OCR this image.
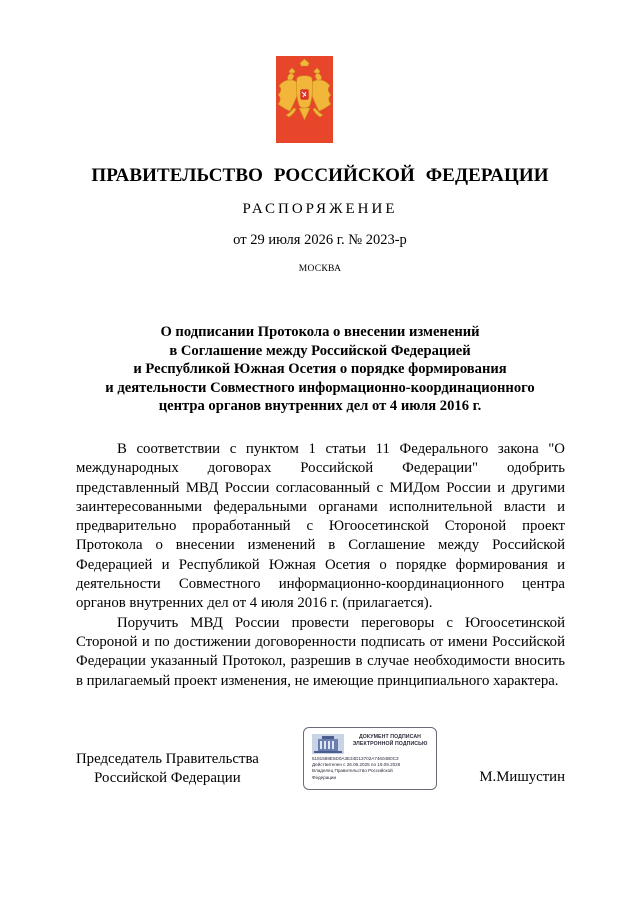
ПРАВИТЕЛЬСТВО РОССИЙСКОЙ ФЕДЕРАЦИИ
РАСПОРЯЖЕНИЕ
от 29 июля 2026 г. № 2023-р
МОСКВА
О подписании Протокола о внесении изменений
в Соглашение между Российской Федерацией
и Республикой Южная Осетия о порядке формирования
и деятельности Совместного информационно-координационного
центра органов внутренних дел от 4 июля 2016 г.

В соответствии с пунктом 1 статьи 11 Федерального закона "О международных договорах Российской Федерации" одобрить представленный МВД России согласованный с МИДом России и другими заинтересованными федеральными органами исполнительной власти и предварительно проработанный с Югоосетинской Стороной проект Протокола о внесении изменений в Соглашение между Российской Федерацией и Республикой Южная Осетия о порядке формирования и деятельности Совместного информационно-координационного центра органов внутренних дел от 4 июля 2016 г. (прилагается).

Поручить МВД России провести переговоры с Югоосетинской Стороной и по достижении договоренности подписать от имени Российской Федерации указанный Протокол, разрешив в случае необходимости вносить в прилагаемый проект изменения, не имеющие принципиального характера.

Председатель Правительства
Российской Федерации
ДОКУМЕНТ ПОДПИСАН
ЭЛЕКТРОННОЙ ПОДПИСЬЮ
5181588E5D0A3E34D13702A74604B0C3
Действителен с 26.06.2025 по 19.09.2026
Владелец Правительство Российской
Федерации	М.Мишустин
